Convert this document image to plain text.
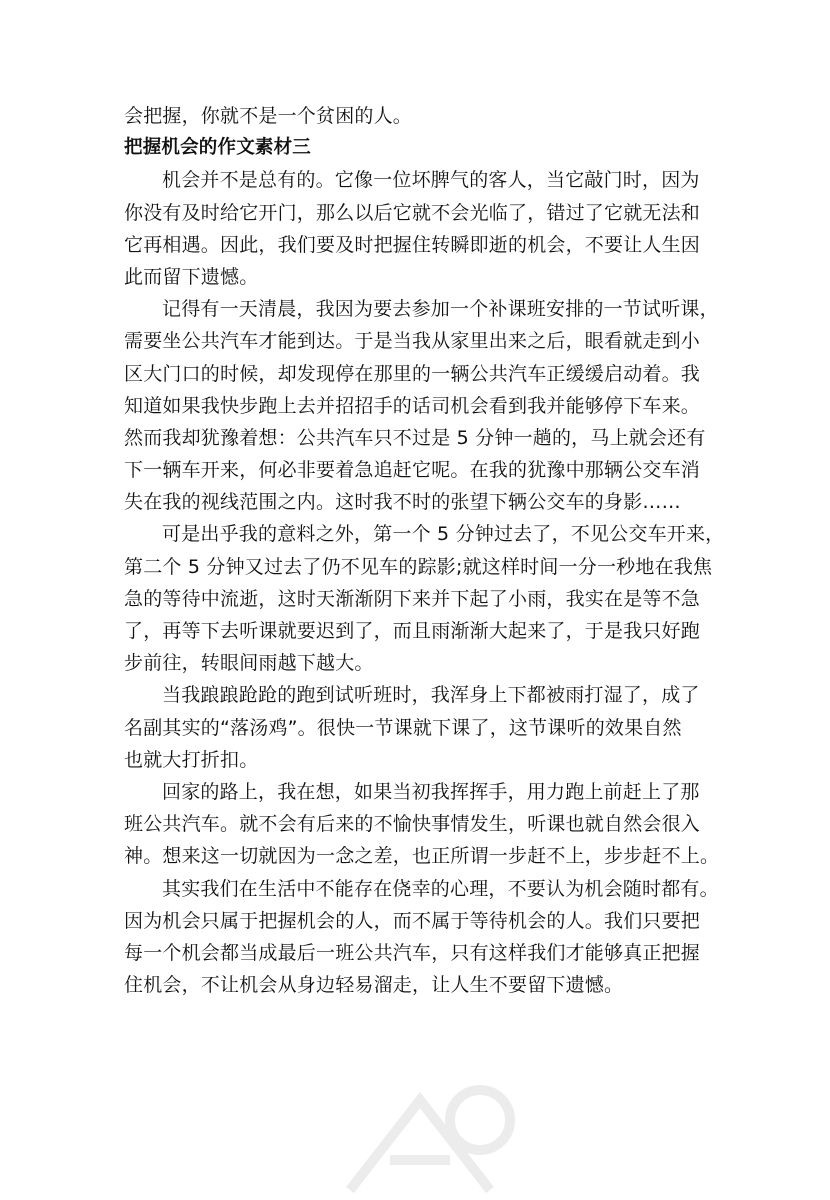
会把握，你就不是一个贫困的人。
把握机会的作文素材三
机会并不是总有的。它像一位坏脾气的客人，当它敲门时，因为
你没有及时给它开门，那么以后它就不会光临了，错过了它就无法和
它再相遇。因此，我们要及时把握住转瞬即逝的机会，不要让人生因
此而留下遗憾。
记得有一天清晨，我因为要去参加一个补课班安排的一节试听课，
需要坐公共汽车才能到达。于是当我从家里出来之后，眼看就走到小
区大门口的时候，却发现停在那里的一辆公共汽车正缓缓启动着。我
知道如果我快步跑上去并招招手的话司机会看到我并能够停下车来。
然而我却犹豫着想：公共汽车只不过是 5 分钟一趟的，马上就会还有
下一辆车开来，何必非要着急追赶它呢。在我的犹豫中那辆公交车消
失在我的视线范围之内。这时我不时的张望下辆公交车的身影……
可是出乎我的意料之外，第一个 5 分钟过去了，不见公交车开来，
第二个 5 分钟又过去了仍不见车的踪影;就这样时间一分一秒地在我焦
急的等待中流逝，这时天渐渐阴下来并下起了小雨，我实在是等不急
了，再等下去听课就要迟到了，而且雨渐渐大起来了，于是我只好跑
步前往，转眼间雨越下越大。
当我踉踉跄跄的跑到试听班时，我浑身上下都被雨打湿了，成了
名副其实的“落汤鸡”。很快一节课就下课了，这节课听的效果自然
也就大打折扣。
回家的路上，我在想，如果当初我挥挥手，用力跑上前赶上了那
班公共汽车。就不会有后来的不愉快事情发生，听课也就自然会很入
神。想来这一切就因为一念之差，也正所谓一步赶不上，步步赶不上。
其实我们在生活中不能存在侥幸的心理，不要认为机会随时都有。
因为机会只属于把握机会的人，而不属于等待机会的人。我们只要把
每一个机会都当成最后一班公共汽车，只有这样我们才能够真正把握
住机会，不让机会从身边轻易溜走，让人生不要留下遗憾。
